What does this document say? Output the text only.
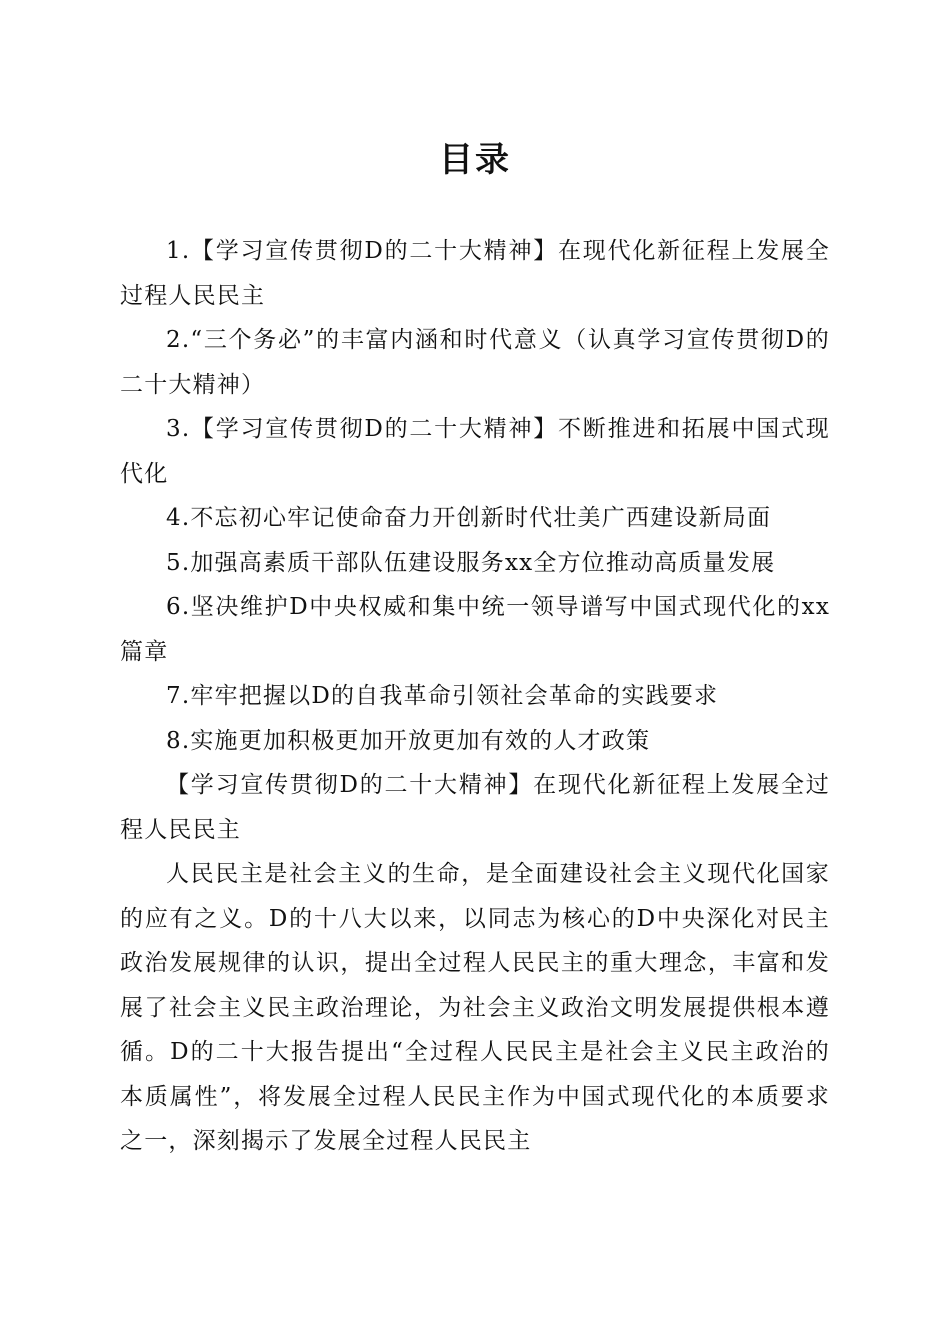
目录

1.【学习宣传贯彻D的二十大精神】在现代化新征程上发展全过程人民民主

2.“三个务必”的丰富内涵和时代意义（认真学习宣传贯彻D的二十大精神）

3.【学习宣传贯彻D的二十大精神】不断推进和拓展中国式现代化

4.不忘初心牢记使命奋力开创新时代壮美广西建设新局面

5.加强高素质干部队伍建设服务xx全方位推动高质量发展

6.坚决维护D中央权威和集中统一领导谱写中国式现代化的xx篇章

7.牢牢把握以D的自我革命引领社会革命的实践要求

8.实施更加积极更加开放更加有效的人才政策

【学习宣传贯彻D的二十大精神】在现代化新征程上发展全过程人民民主

人民民主是社会主义的生命，是全面建设社会主义现代化国家的应有之义。D的十八大以来，以同志为核心的D中央深化对民主政治发展规律的认识，提出全过程人民民主的重大理念，丰富和发展了社会主义民主政治理论，为社会主义政治文明发展提供根本遵循。D的二十大报告提出“全过程人民民主是社会主义民主政治的本质属性”，将发展全过程人民民主作为中国式现代化的本质要求之一，深刻揭示了发展全过程人民民主
